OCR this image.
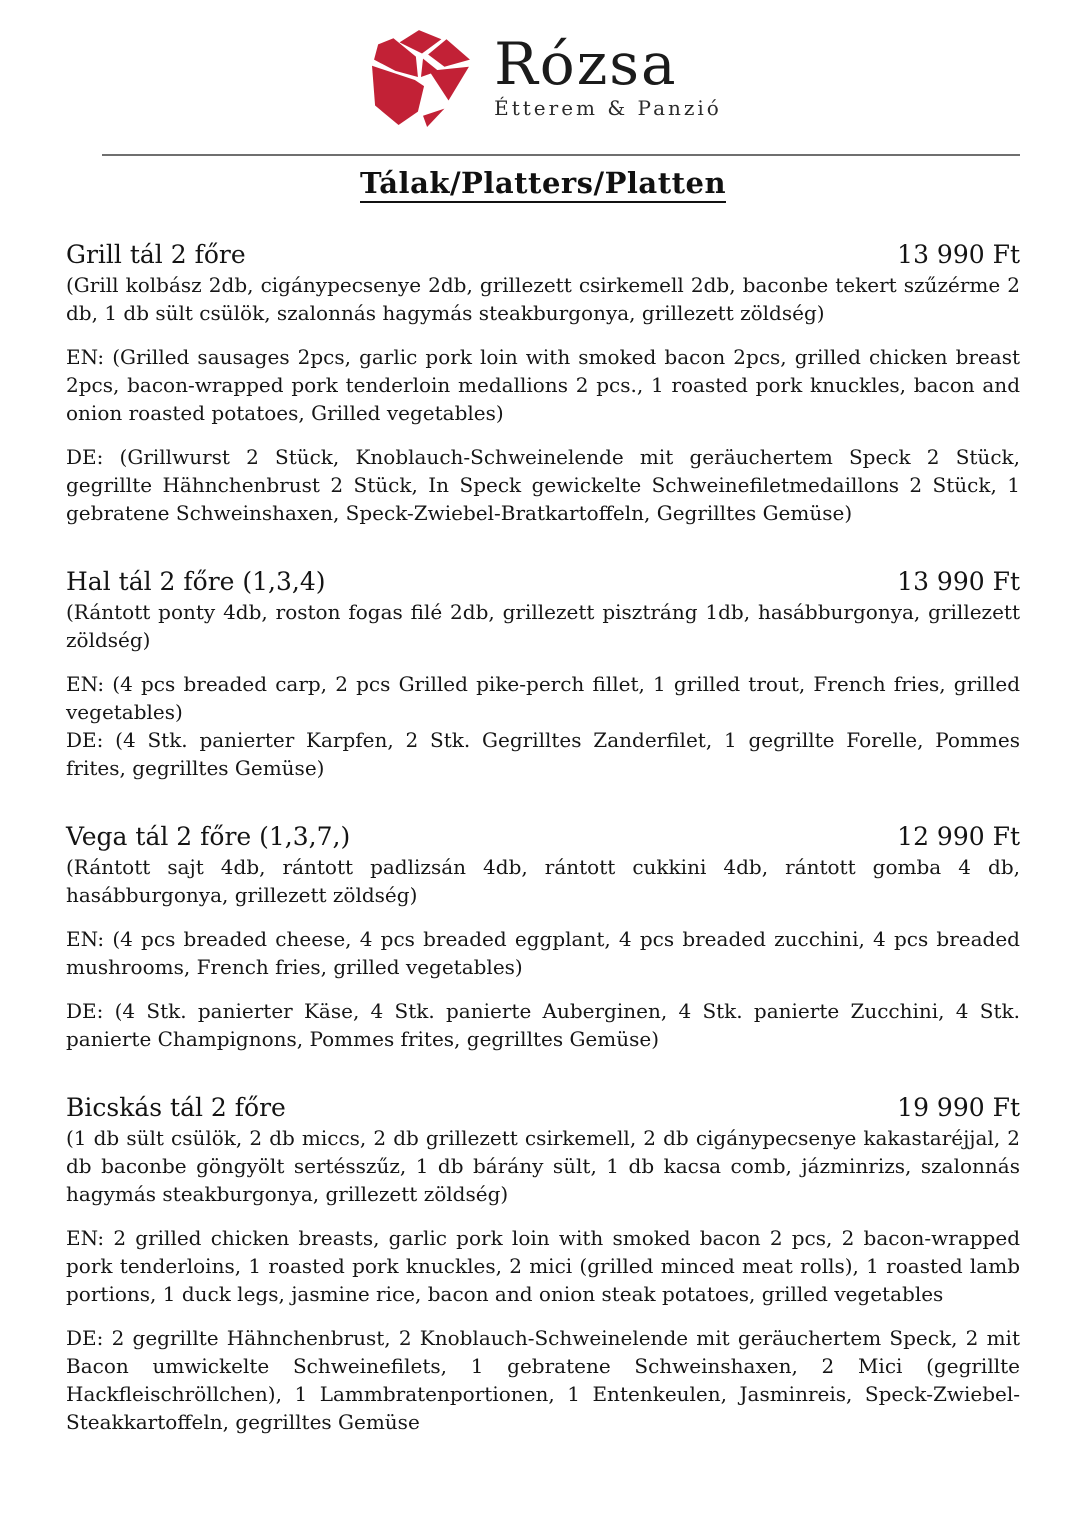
Rózsa
Étterem & Panzió
Tálak/Platters/Platten
Grill tál 2 főre	13 990 Ft

(Grill kolbász 2db, cigánypecsenye 2db, grillezett csirkemell 2db, baconbe tekert szűzérme 2 db, 1 db sült csülök, szalonnás hagymás steakburgonya, grillezett zöldség)

EN: (Grilled sausages 2pcs, garlic pork loin with smoked bacon 2pcs, grilled chicken breast 2pcs, bacon-wrapped pork tenderloin medallions 2 pcs., 1 roasted pork knuckles, bacon and onion roasted potatoes, Grilled vegetables)

DE: (Grillwurst 2 Stück, Knoblauch-Schweinelende mit geräuchertem Speck 2 Stück, gegrillte Hähnchenbrust 2 Stück, In Speck gewickelte Schweinefiletmedaillons 2 Stück, 1 gebratene Schweinshaxen, Speck-Zwiebel-Bratkartoffeln, Gegrilltes Gemüse)

Hal tál 2 főre (1,3,4)	13 990 Ft

(Rántott ponty 4db, roston fogas filé 2db, grillezett pisztráng 1db, hasábburgonya, grillezett zöldség)

EN: (4 pcs breaded carp, 2 pcs Grilled pike-perch fillet, 1 grilled trout, French fries, grilled vegetables)

DE: (4 Stk. panierter Karpfen, 2 Stk. Gegrilltes Zanderfilet, 1 gegrillte Forelle, Pommes frites, gegrilltes Gemüse)

Vega tál 2 főre (1,3,7,)	12 990 Ft

(Rántott sajt 4db, rántott padlizsán 4db, rántott cukkini 4db, rántott gomba 4 db, hasábburgonya, grillezett zöldség)

EN: (4 pcs breaded cheese, 4 pcs breaded eggplant, 4 pcs breaded zucchini, 4 pcs breaded mushrooms, French fries, grilled vegetables)

DE: (4 Stk. panierter Käse, 4 Stk. panierte Auberginen, 4 Stk. panierte Zucchini, 4 Stk. panierte Champignons, Pommes frites, gegrilltes Gemüse)

Bicskás tál 2 főre	19 990 Ft

(1 db sült csülök, 2 db miccs, 2 db grillezett csirkemell, 2 db cigánypecsenye kakastaréjjal, 2 db baconbe göngyölt sertésszűz, 1 db bárány sült, 1 db kacsa comb, jázminrizs, szalonnás hagymás steakburgonya, grillezett zöldség)

EN: 2 grilled chicken breasts, garlic pork loin with smoked bacon 2 pcs, 2 bacon-wrapped pork tenderloins, 1 roasted pork knuckles, 2 mici (grilled minced meat rolls), 1 roasted lamb portions, 1 duck legs, jasmine rice, bacon and onion steak potatoes, grilled vegetables

DE: 2 gegrillte Hähnchenbrust, 2 Knoblauch-Schweinelende mit geräuchertem Speck, 2 mit Bacon umwickelte Schweinefilets, 1 gebratene Schweinshaxen, 2 Mici (gegrillte Hackfleischröllchen), 1 Lammbratenportionen, 1 Entenkeulen, Jasminreis, Speck-Zwiebel-Steakkartoffeln, gegrilltes Gemüse
